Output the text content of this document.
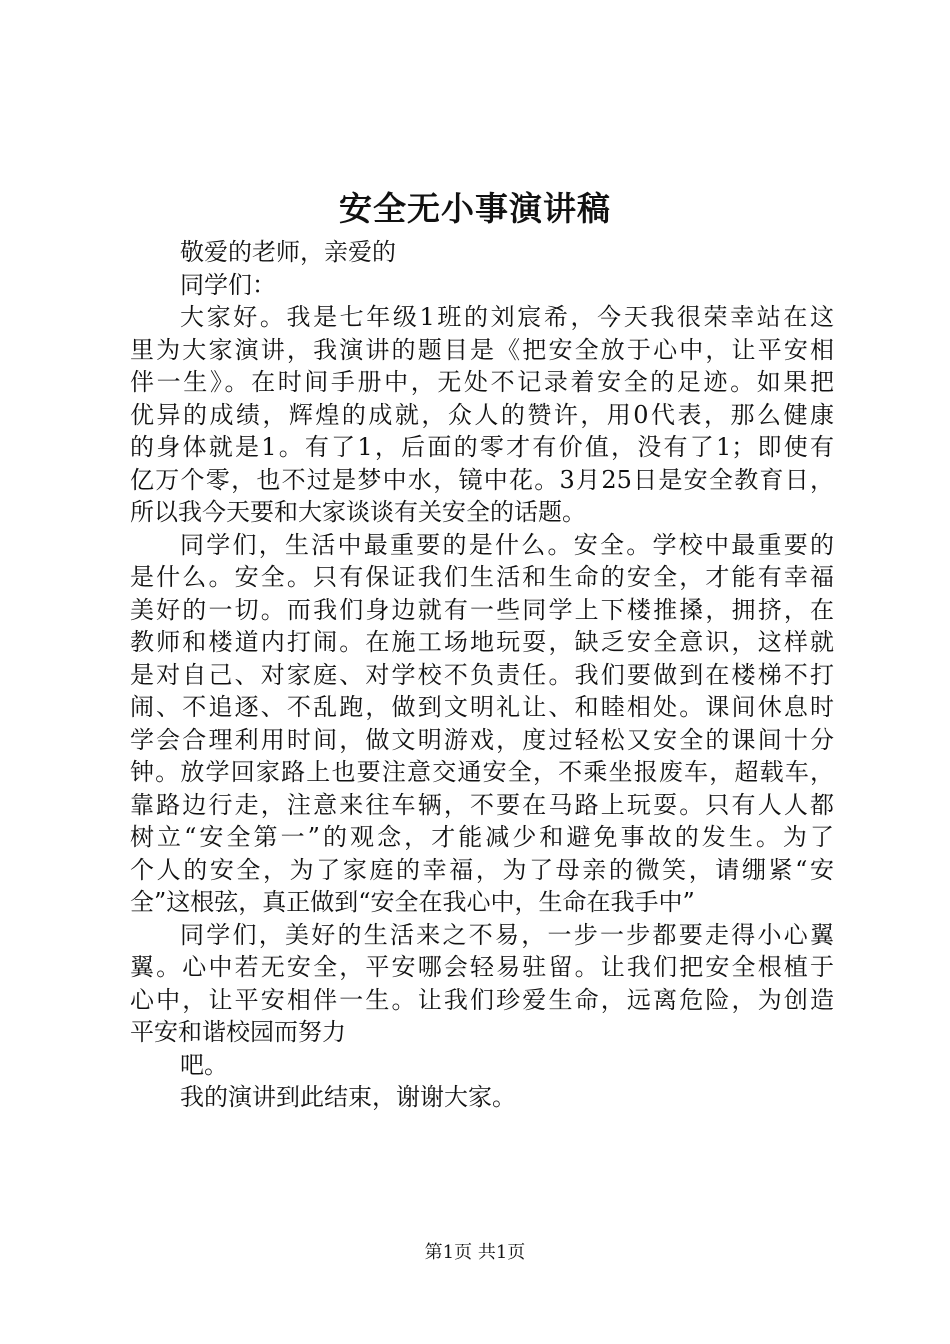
安全无小事演讲稿
敬爱的老师，亲爱的
同学们：
大家好。我是七年级1班的刘宸希，今天我很荣幸站在这
里为大家演讲，我演讲的题目是《把安全放于心中，让平安相
伴一生》。在时间手册中，无处不记录着安全的足迹。如果把
优异的成绩，辉煌的成就，众人的赞许，用0代表，那么健康
的身体就是1。有了1，后面的零才有价值，没有了1；即使有
亿万个零，也不过是梦中水，镜中花。3月25日是安全教育日，
所以我今天要和大家谈谈有关安全的话题。
同学们，生活中最重要的是什么。安全。学校中最重要的
是什么。安全。只有保证我们生活和生命的安全，才能有幸福
美好的一切。而我们身边就有一些同学上下楼推搡，拥挤，在
教师和楼道内打闹。在施工场地玩耍，缺乏安全意识，这样就
是对自己、对家庭、对学校不负责任。我们要做到在楼梯不打
闹、不追逐、不乱跑，做到文明礼让、和睦相处。课间休息时
学会合理利用时间，做文明游戏，度过轻松又安全的课间十分
钟。放学回家路上也要注意交通安全，不乘坐报废车，超载车，
靠路边行走，注意来往车辆，不要在马路上玩耍。只有人人都
树立“安全第一”的观念，才能减少和避免事故的发生。为了
个人的安全，为了家庭的幸福，为了母亲的微笑，请绷紧“安
全”这根弦，真正做到“安全在我心中，生命在我手中”
同学们，美好的生活来之不易，一步一步都要走得小心翼
翼。心中若无安全，平安哪会轻易驻留。让我们把安全根植于
心中，让平安相伴一生。让我们珍爱生命，远离危险，为创造
平安和谐校园而努力
吧。
我的演讲到此结束，谢谢大家。
第1页 共1页
